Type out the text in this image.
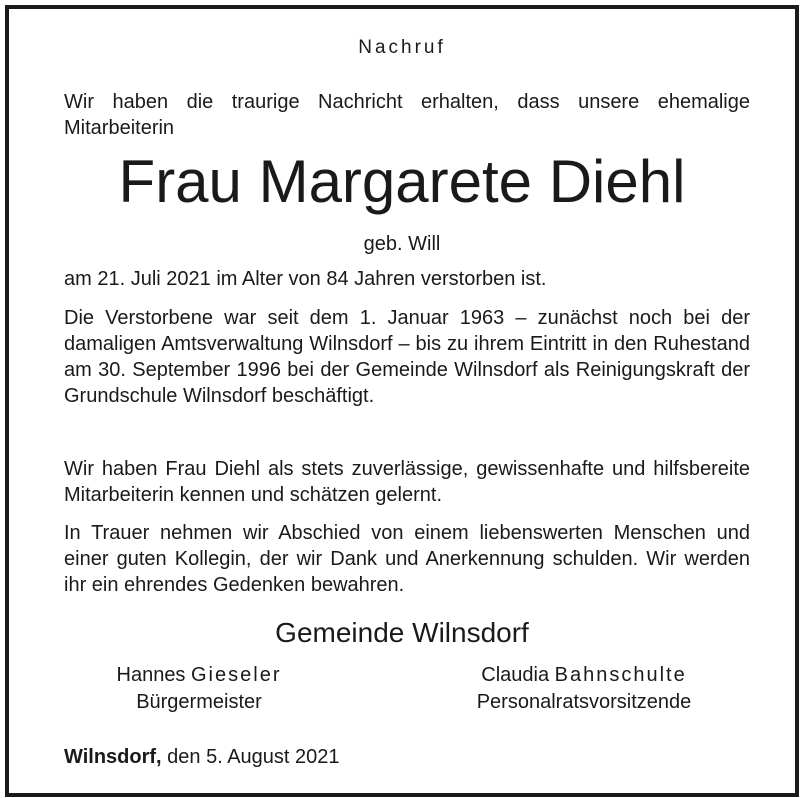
Nachruf
Wir haben die traurige Nachricht erhalten, dass unsere ehemalige Mitarbeiterin
Frau Margarete Diehl
geb. Will

am 21. Juli 2021 im Alter von 84 Jahren verstorben ist.

Die Verstorbene war seit dem 1. Januar 1963 – zunächst noch bei der damaligen Amtsverwaltung Wilnsdorf – bis zu ihrem Eintritt in den Ruhestand am 30. September 1996 bei der Gemeinde Wilnsdorf als Reinigungskraft der Grundschule Wilnsdorf beschäftigt.

Wir haben Frau Diehl als stets zuverlässige, gewissenhafte und hilfsbereite Mitarbeiterin kennen und schätzen gelernt.

In Trauer nehmen wir Abschied von einem liebenswerten Menschen und einer guten Kollegin, der wir Dank und Anerkennung schulden. Wir werden ihr ein ehrendes Gedenken bewahren.

Gemeinde Wilnsdorf
Hannes Gieseler
Bürgermeister
Claudia Bahnschulte
Personalratsvorsitzende
Wilnsdorf, den 5. August 2021
